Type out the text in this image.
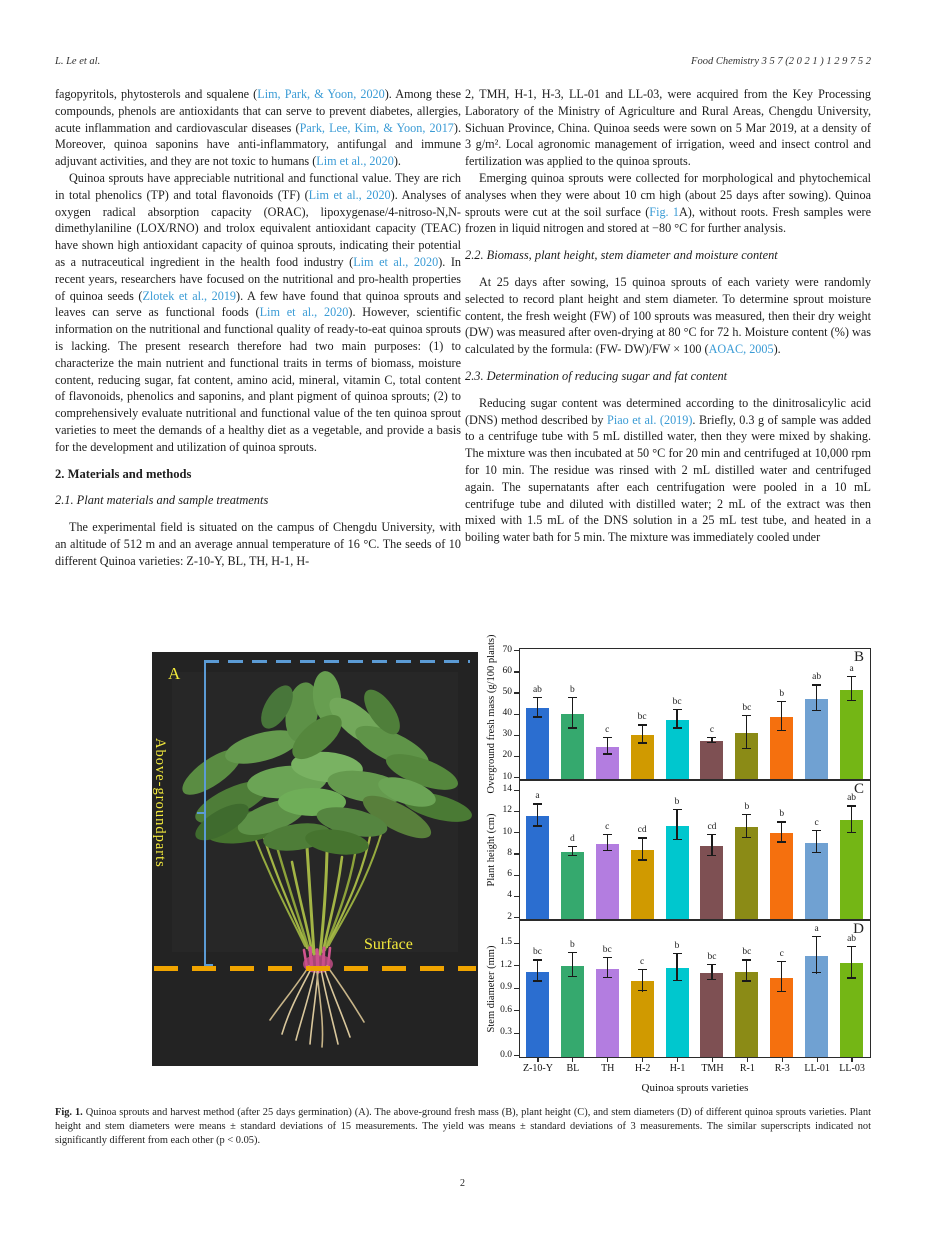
L. Le et al.	Food Chemistry 3 5 7 (2 0 2 1 ) 1 2 9 7 5 2

fagopyritols, phytosterols and squalene (Lim, Park, & Yoon, 2020). Among these compounds, phenols are antioxidants that can serve to prevent diabetes, allergies, acute inflammation and cardiovascular diseases (Park, Lee, Kim, & Yoon, 2017). Moreover, quinoa saponins have anti-inflammatory, antifungal and immune adjuvant activities, and they are not toxic to humans (Lim et al., 2020).

Quinoa sprouts have appreciable nutritional and functional value. They are rich in total phenolics (TP) and total flavonoids (TF) (Lim et al., 2020). Analyses of oxygen radical absorption capacity (ORAC), lipoxygenase/4-nitroso-N,N- dimethylaniline (LOX/RNO) and trolox equivalent antioxidant capacity (TEAC) have shown high antioxidant capacity of quinoa sprouts, indicating their potential as a nutraceutical ingredient in the health food industry (Lim et al., 2020). In recent years, researchers have focused on the nutritional and pro-health properties of quinoa seeds (Zlotek et al., 2019). A few have found that quinoa sprouts and leaves can serve as functional foods (Lim et al., 2020). However, scientific information on the nutritional and functional quality of ready-to-eat quinoa sprouts is lacking. The present research therefore had two main purposes: (1) to characterize the main nutrient and functional traits in terms of biomass, moisture content, reducing sugar, fat content, amino acid, mineral, vitamin C, total content of flavonoids, phenolics and saponins, and plant pigment of quinoa sprouts; (2) to comprehensively evaluate nutritional and functional value of the ten quinoa sprout varieties to meet the demands of a healthy diet as a vegetable, and provide a basis for the development and utilization of quinoa sprouts.

2. Materials and methods
2.1. Plant materials and sample treatments

The experimental field is situated on the campus of Chengdu University, with an altitude of 512 m and an average annual temperature of 16 °C. The seeds of 10 different Quinoa varieties: Z-10-Y, BL, TH, H-1, H-

2, TMH, H-1, H-3, LL-01 and LL-03, were acquired from the Key Processing Laboratory of the Ministry of Agriculture and Rural Areas, Chengdu University, Sichuan Province, China. Quinoa seeds were sown on 5 Mar 2019, at a density of 3 g/m². Local agronomic management of irrigation, weed and insect control and fertilization was applied to the quinoa sprouts.

Emerging quinoa sprouts were collected for morphological and phytochemical analyses when they were about 10 cm high (about 25 days after sowing). Quinoa sprouts were cut at the soil surface (Fig. 1A), without roots. Fresh samples were frozen in liquid nitrogen and stored at −80 °C for further analysis.

2.2. Biomass, plant height, stem diameter and moisture content

At 25 days after sowing, 15 quinoa sprouts of each variety were randomly selected to record plant height and stem diameter. To determine sprout moisture content, the fresh weight (FW) of 100 sprouts was measured, then their dry weight (DW) was measured after oven-drying at 80 °C for 72 h. Moisture content (%) was calculated by the formula: (FW- DW)/FW × 100 (AOAC, 2005).

2.3. Determination of reducing sugar and fat content

Reducing sugar content was determined according to the dinitrosalicylic acid (DNS) method described by Piao et al. (2019). Briefly, 0.3 g of sample was added to a centrifuge tube with 5 mL distilled water, then they were mixed by shaking. The mixture was then incubated at 50 °C for 20 min and centrifuged at 10,000 rpm for 10 min. The residue was rinsed with 2 mL distilled water and centrifuged again. The supernatants after each centrifugation were pooled in a 10 mL centrifuge tube and diluted with distilled water; 2 mL of the extract was then mixed with 1.5 mL of the DNS solution in a 25 mL test tube, and heated in a boiling water bath for 5 min. The mixture was immediately cooled under

A
Above-groundparts
Surface
B
ab	b
c
bc
bc
c
bc
b
ab
a
10
20
30
40
50
60
70
Overground fresh mass (g/100 plants)	C
a
d
c	cd
b
cd
b
b
c
ab
2
4
6
8
10
12
14
Plant height (cm)
D
bc
b
bc
c
b
bc	bc	c
a
ab
0.0
0.3
0.6
0.9
1.2
1.5
Stem diameter (mm)
Z-10-Y	BL	TH	H-2	H-1	TMH	R-1	R-3	LL-01 LL-03
Quinoa sprouts varieties
Fig. 1. Quinoa sprouts and harvest method (after 25 days germination) (A). The above-ground fresh mass (B), plant height (C), and stem diameters (D) of different quinoa sprouts varieties. Plant height and stem diameters were means ± standard deviations of 15 measurements. The yield was means ± standard deviations of 3 measurements. The similar superscripts indicated not significantly different from each other (p < 0.05).
2
